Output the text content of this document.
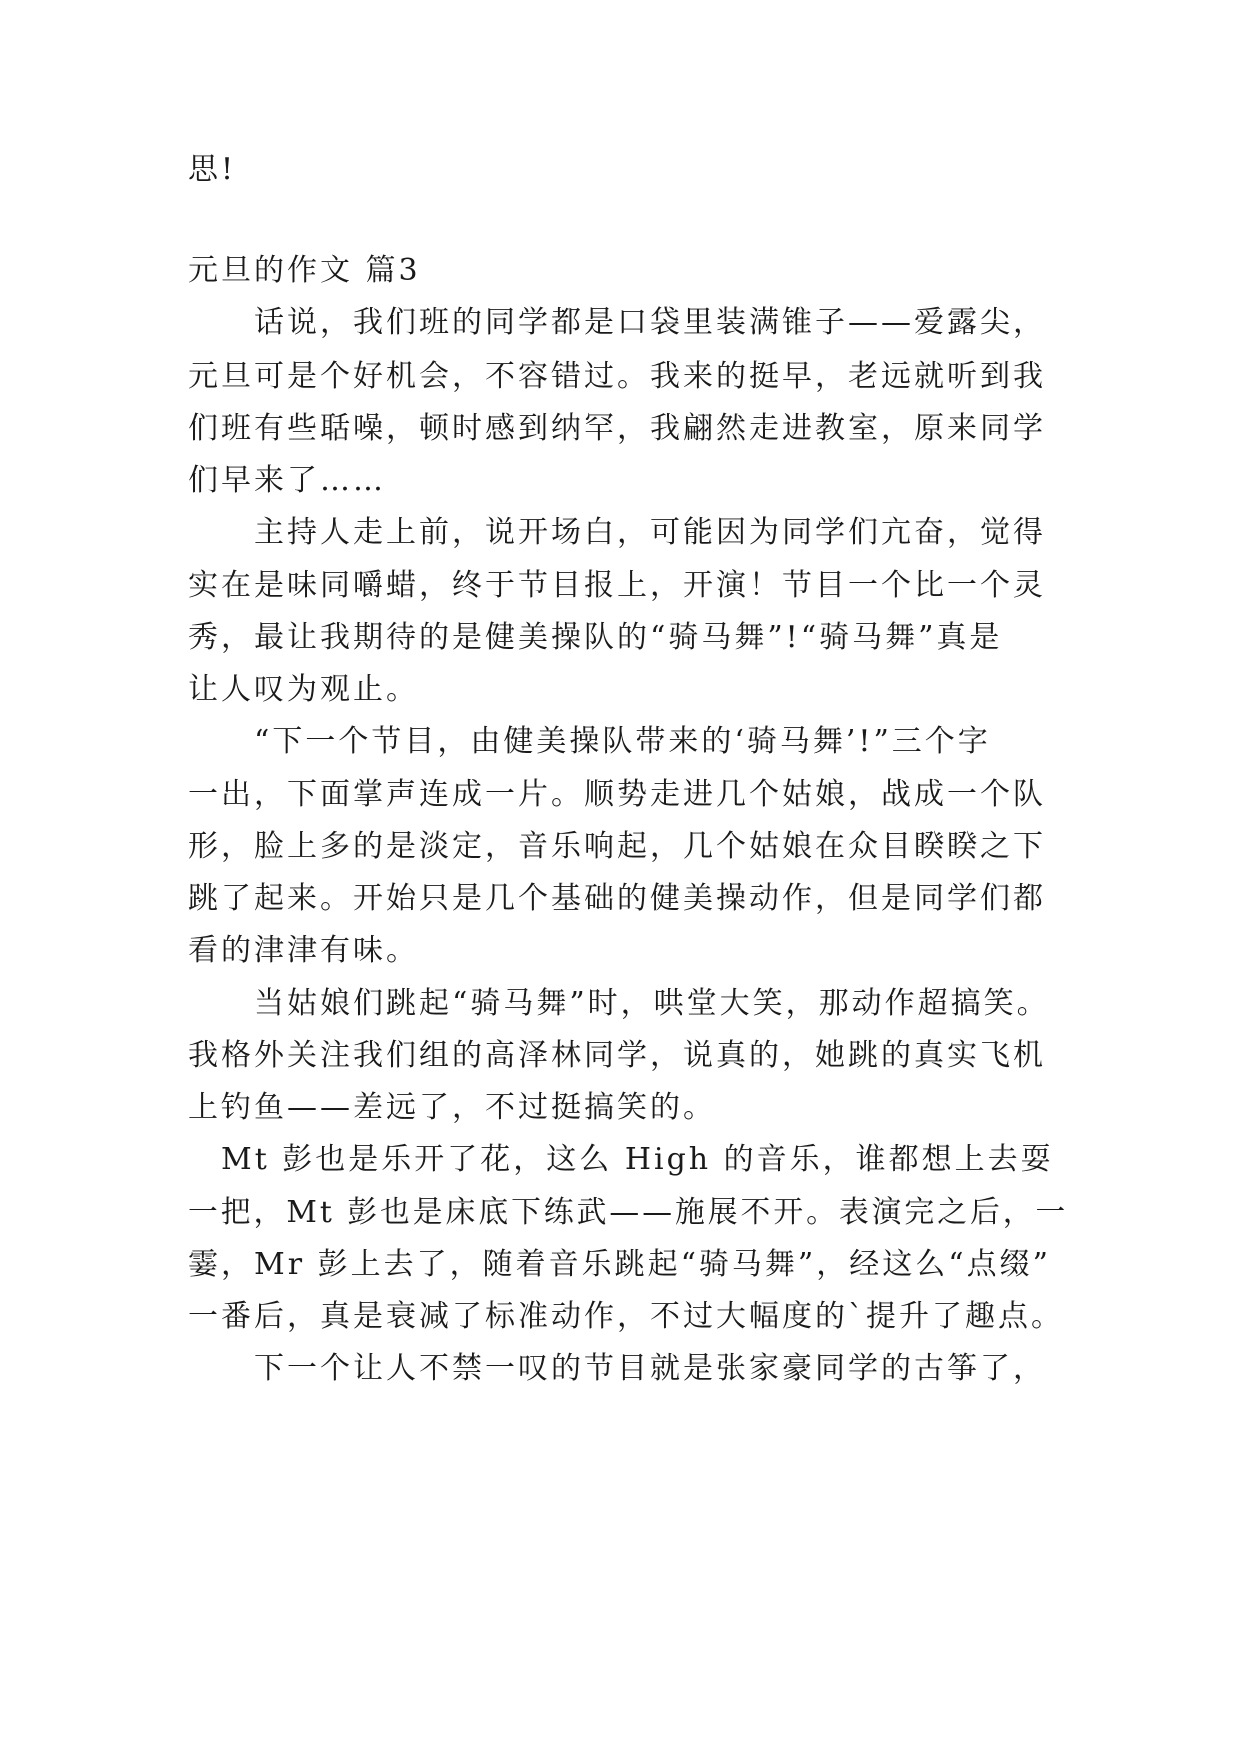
思!
元旦的作文 篇3
　　话说，我们班的同学都是口袋里装满锥子——爱露尖，
元旦可是个好机会，不容错过。我来的挺早，老远就听到我
们班有些聒噪，顿时感到纳罕，我翩然走进教室，原来同学
们早来了……
　　主持人走上前，说开场白，可能因为同学们亢奋，觉得
实在是味同嚼蜡，终于节目报上，开演！节目一个比一个灵
秀，最让我期待的是健美操队的“骑马舞”!“骑马舞”真是
让人叹为观止。
　　“下一个节目，由健美操队带来的‘骑马舞’!”三个字
一出，下面掌声连成一片。顺势走进几个姑娘，战成一个队
形，脸上多的是淡定，音乐响起，几个姑娘在众目睽睽之下
跳了起来。开始只是几个基础的健美操动作，但是同学们都
看的津津有味。
　　当姑娘们跳起“骑马舞”时，哄堂大笑，那动作超搞笑。
我格外关注我们组的高泽林同学，说真的，她跳的真实飞机
上钓鱼——差远了，不过挺搞笑的。
　Mt 彭也是乐开了花，这么 High 的音乐，谁都想上去耍
一把，Mt 彭也是床底下练武——施展不开。表演完之后，一
霎，Mr 彭上去了，随着音乐跳起“骑马舞”，经这么“点缀”
一番后，真是衰减了标准动作，不过大幅度的`提升了趣点。
　　下一个让人不禁一叹的节目就是张家豪同学的古筝了，
